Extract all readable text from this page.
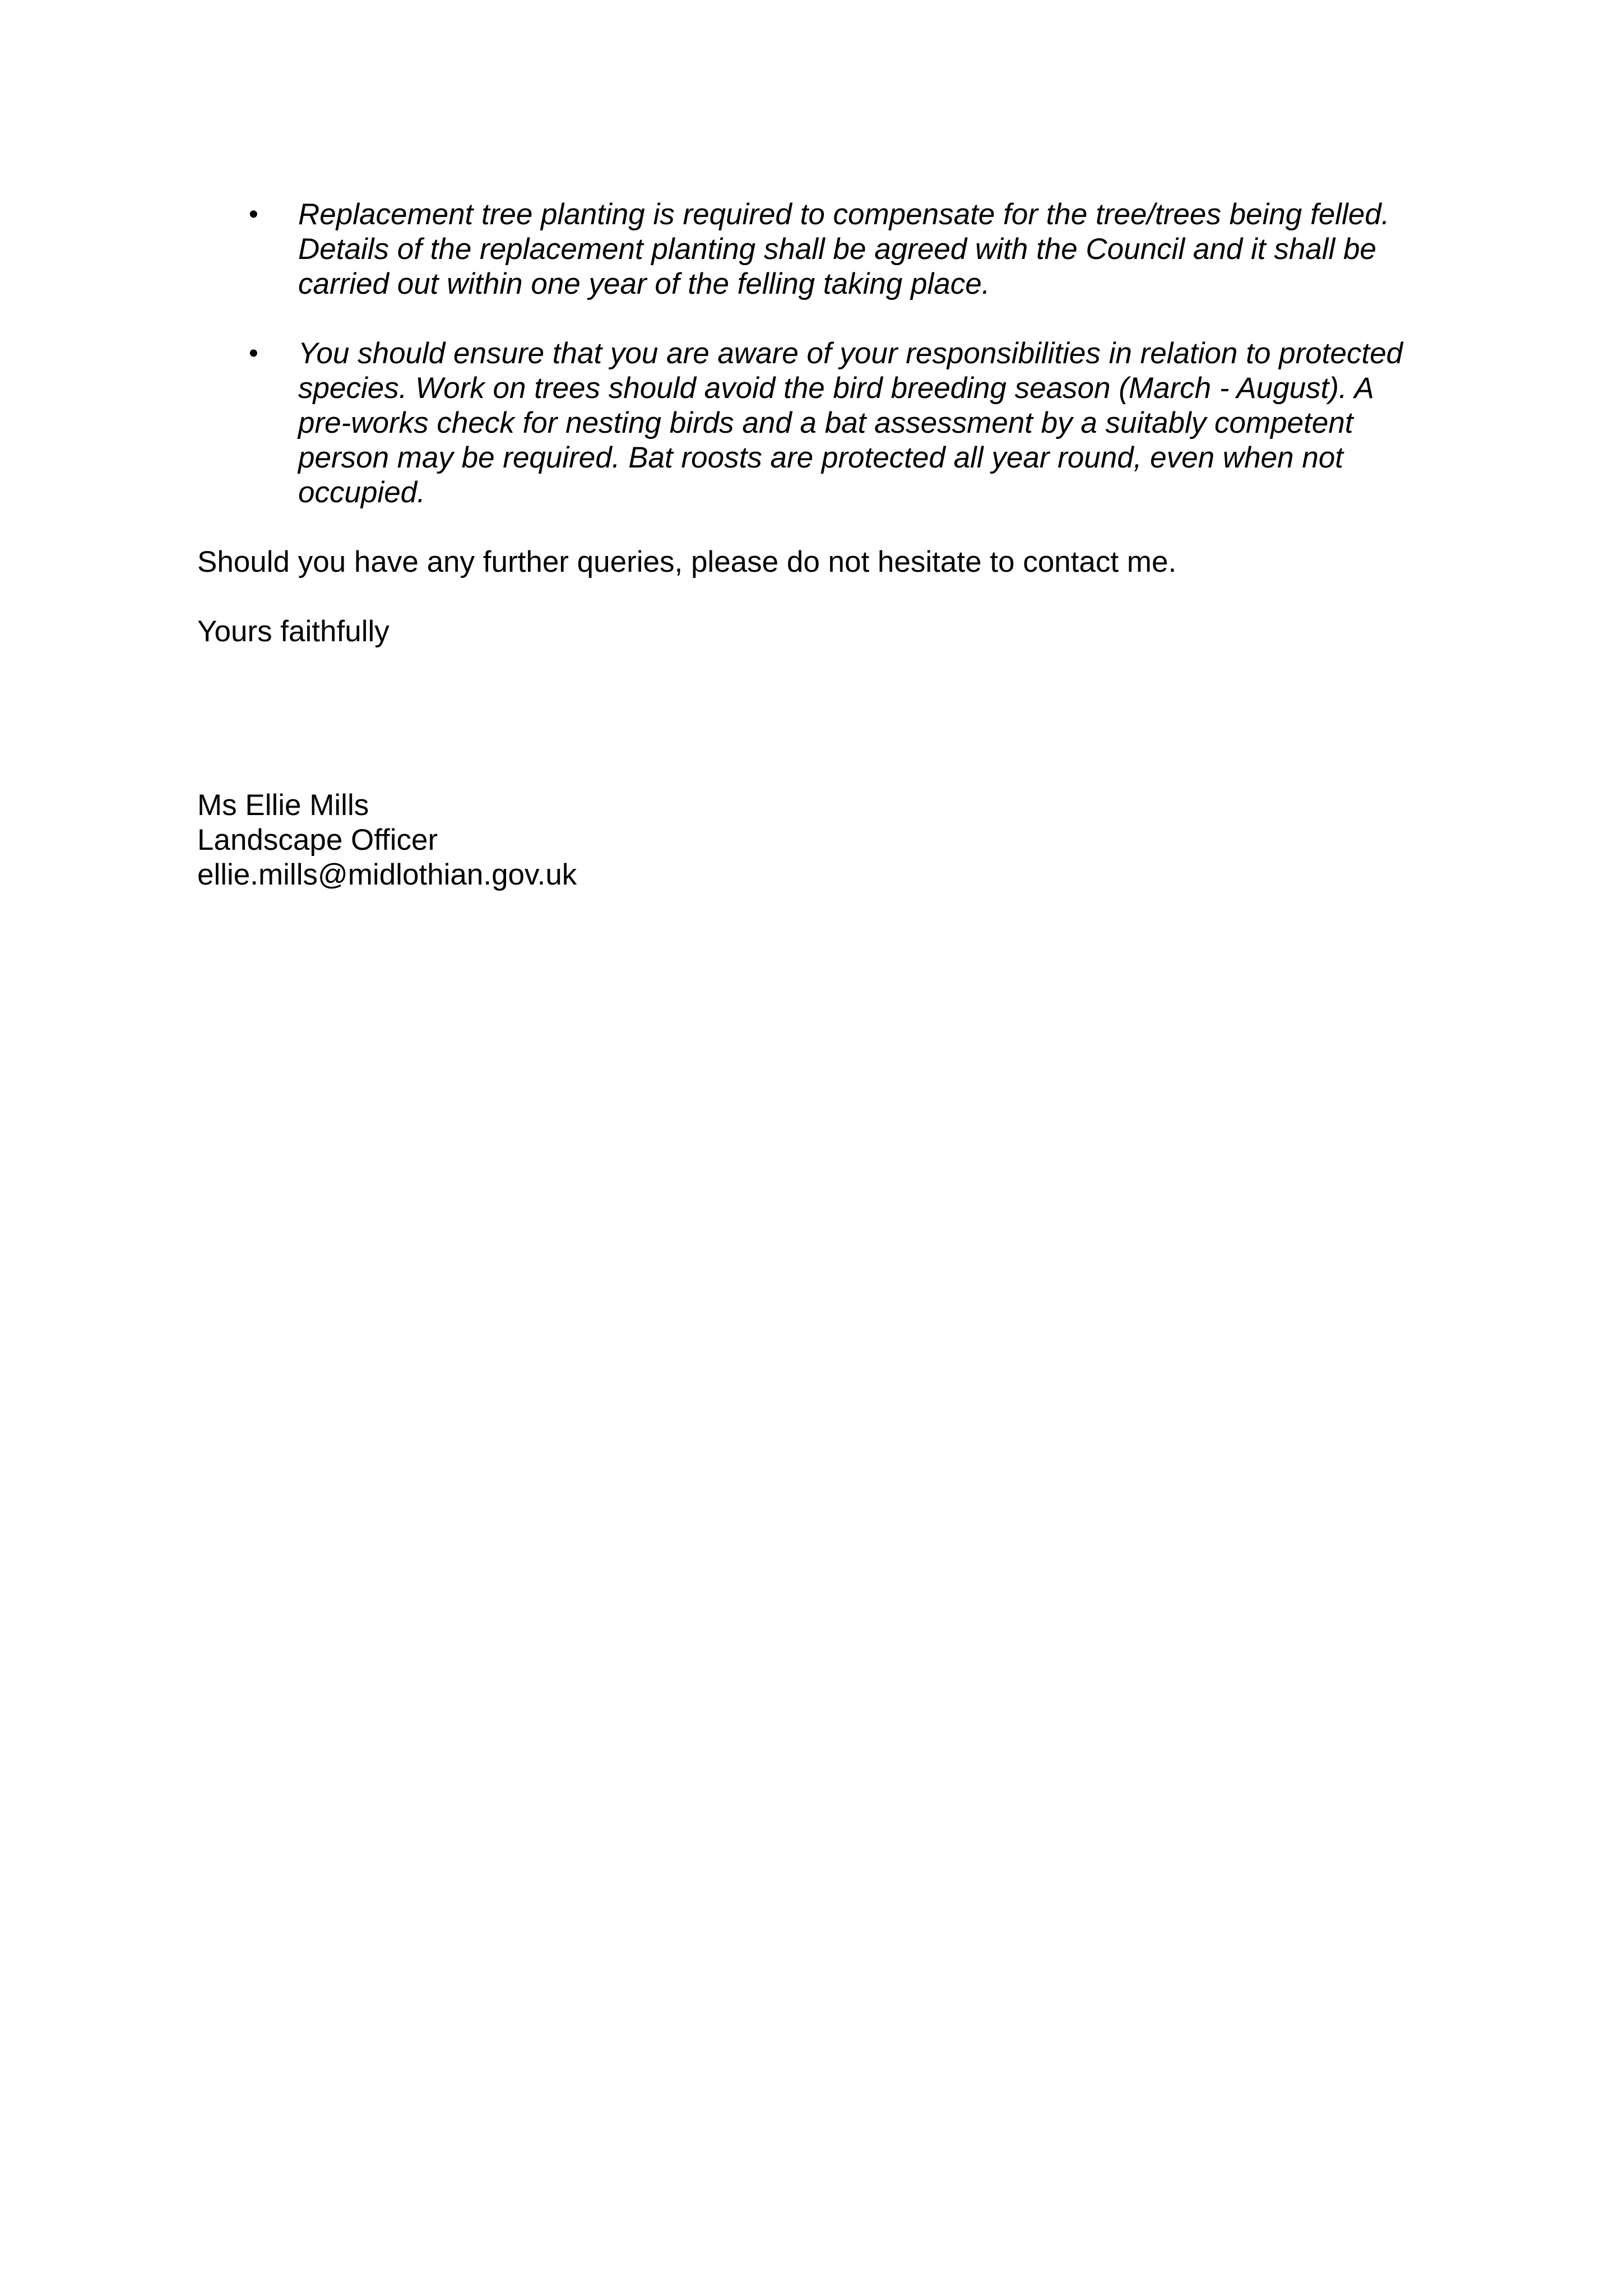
• Replacement tree planting is required to compensate for the tree/trees being felled.
Details of the replacement planting shall be agreed with the Council and it shall be
carried out within one year of the felling taking place.

• You should ensure that you are aware of your responsibilities in relation to protected
species. Work on trees should avoid the bird breeding season (March - August). A
pre-works check for nesting birds and a bat assessment by a suitably competent
person may be required. Bat roosts are protected all year round, even when not
occupied.

Should you have any further queries, please do not hesitate to contact me.

Yours faithfully

Ms Ellie Mills

Landscape Officer

ellie.mills@midlothian.gov.uk
